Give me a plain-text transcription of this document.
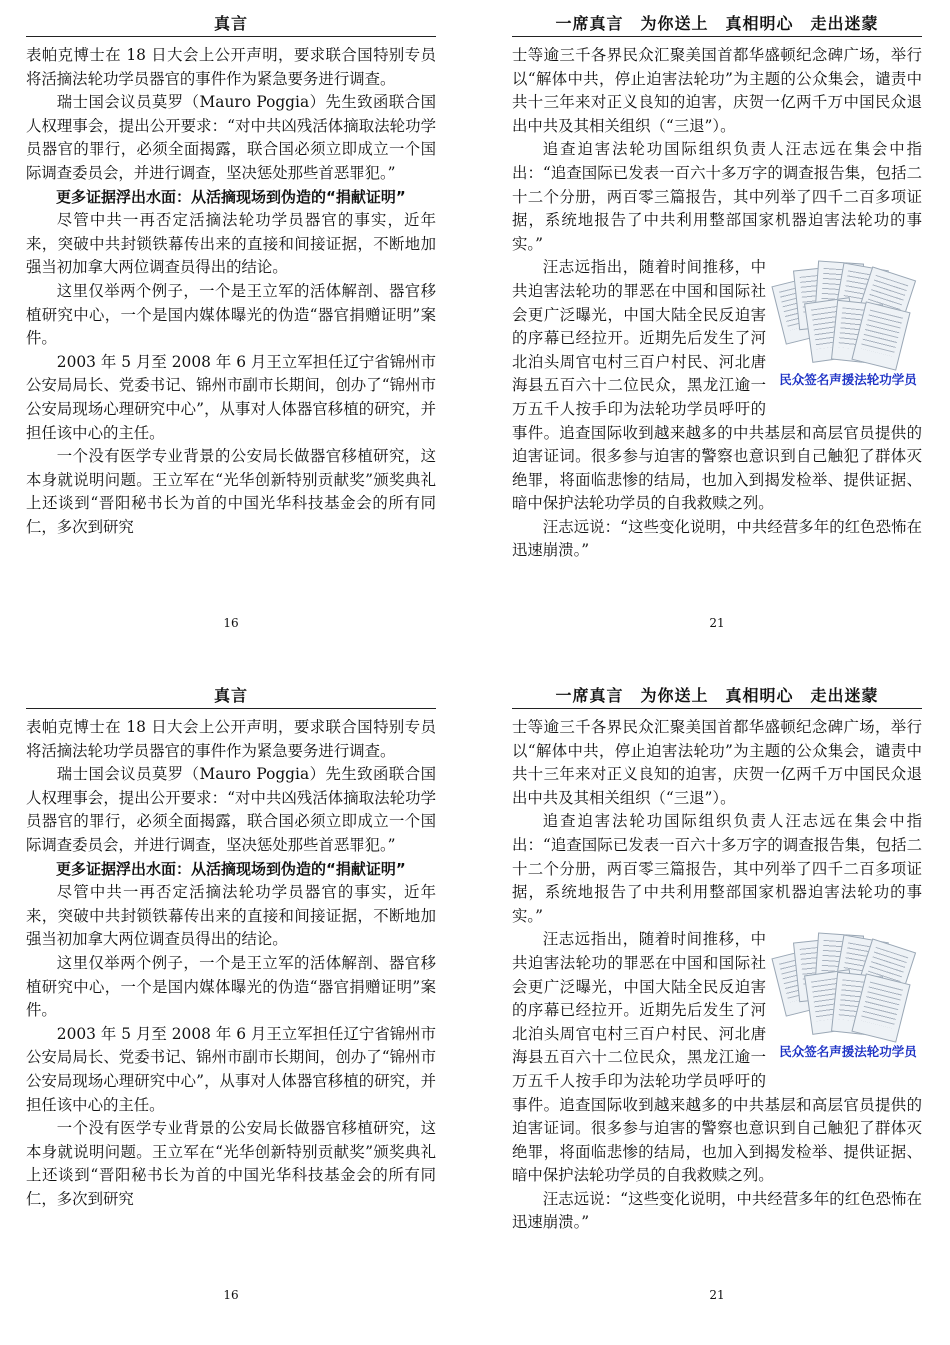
真言

表帕克博士在 18 日大会上公开声明，要求联合国特别专员将活摘法轮功学员器官的事件作为紧急要务进行调查。

瑞士国会议员莫罗（Mauro Poggia）先生致函联合国人权理事会，提出公开要求：“对中共凶残活体摘取法轮功学员器官的罪行，必须全面揭露，联合国必须立即成立一个国际调查委员会，并进行调查，坚决惩处那些首恶罪犯。”

更多证据浮出水面：从活摘现场到伪造的“捐献证明”

尽管中共一再否定活摘法轮功学员器官的事实，近年来，突破中共封锁铁幕传出来的直接和间接证据，不断地加强当初加拿大两位调查员得出的结论。

这里仅举两个例子，一个是王立军的活体解剖、器官移植研究中心，一个是国内媒体曝光的伪造“器官捐赠证明”案件。

2003 年 5 月至 2008 年 6 月王立军担任辽宁省锦州市公安局局长、党委书记、锦州市副市长期间，创办了“锦州市公安局现场心理研究中心”，从事对人体器官移植的研究，并担任该中心的主任。

一个没有医学专业背景的公安局长做器官移植研究，这本身就说明问题。王立军在“光华创新特别贡献奖”颁奖典礼上还谈到“晋阳秘书长为首的中国光华科技基金会的所有同仁，多次到研究

16
一席真言　为你送上　真相明心　走出迷蒙

士等逾三千各界民众汇聚美国首都华盛顿纪念碑广场，举行以“解体中共，停止迫害法轮功”为主题的公众集会，谴责中共十三年来对正义良知的迫害，庆贺一亿两千万中国民众退出中共及其相关组织（“三退”）。

追查迫害法轮功国际组织负责人汪志远在集会中指出：“追查国际已发表一百六十多万字的调查报告集，包括二十二个分册，两百零三篇报告，其中列举了四千二百多项证据，系统地报告了中共利用整部国家机器迫害法轮功的事实。”

民众签名声援法轮功学员

汪志远指出，随着时间推移，中共迫害法轮功的罪恶在中国和国际社会更广泛曝光，中国大陆全民反迫害的序幕已经拉开。近期先后发生了河北泊头周官屯村三百户村民、河北唐海县五百六十二位民众，黑龙江逾一万五千人按手印为法轮功学员呼吁的事件。追查国际收到越来越多的中共基层和高层官员提供的迫害证词。很多参与迫害的警察也意识到自己触犯了群体灭绝罪，将面临悲惨的结局，也加入到揭发检举、提供证据、暗中保护法轮功学员的自我救赎之列。

汪志远说：“这些变化说明，中共经营多年的红色恐怖在迅速崩溃。”

21
真言

表帕克博士在 18 日大会上公开声明，要求联合国特别专员将活摘法轮功学员器官的事件作为紧急要务进行调查。

瑞士国会议员莫罗（Mauro Poggia）先生致函联合国人权理事会，提出公开要求：“对中共凶残活体摘取法轮功学员器官的罪行，必须全面揭露，联合国必须立即成立一个国际调查委员会，并进行调查，坚决惩处那些首恶罪犯。”

更多证据浮出水面：从活摘现场到伪造的“捐献证明”

尽管中共一再否定活摘法轮功学员器官的事实，近年来，突破中共封锁铁幕传出来的直接和间接证据，不断地加强当初加拿大两位调查员得出的结论。

这里仅举两个例子，一个是王立军的活体解剖、器官移植研究中心，一个是国内媒体曝光的伪造“器官捐赠证明”案件。

2003 年 5 月至 2008 年 6 月王立军担任辽宁省锦州市公安局局长、党委书记、锦州市副市长期间，创办了“锦州市公安局现场心理研究中心”，从事对人体器官移植的研究，并担任该中心的主任。

一个没有医学专业背景的公安局长做器官移植研究，这本身就说明问题。王立军在“光华创新特别贡献奖”颁奖典礼上还谈到“晋阳秘书长为首的中国光华科技基金会的所有同仁，多次到研究

16
一席真言　为你送上　真相明心　走出迷蒙

士等逾三千各界民众汇聚美国首都华盛顿纪念碑广场，举行以“解体中共，停止迫害法轮功”为主题的公众集会，谴责中共十三年来对正义良知的迫害，庆贺一亿两千万中国民众退出中共及其相关组织（“三退”）。

追查迫害法轮功国际组织负责人汪志远在集会中指出：“追查国际已发表一百六十多万字的调查报告集，包括二十二个分册，两百零三篇报告，其中列举了四千二百多项证据，系统地报告了中共利用整部国家机器迫害法轮功的事实。”

民众签名声援法轮功学员

汪志远指出，随着时间推移，中共迫害法轮功的罪恶在中国和国际社会更广泛曝光，中国大陆全民反迫害的序幕已经拉开。近期先后发生了河北泊头周官屯村三百户村民、河北唐海县五百六十二位民众，黑龙江逾一万五千人按手印为法轮功学员呼吁的事件。追查国际收到越来越多的中共基层和高层官员提供的迫害证词。很多参与迫害的警察也意识到自己触犯了群体灭绝罪，将面临悲惨的结局，也加入到揭发检举、提供证据、暗中保护法轮功学员的自我救赎之列。

汪志远说：“这些变化说明，中共经营多年的红色恐怖在迅速崩溃。”

21
